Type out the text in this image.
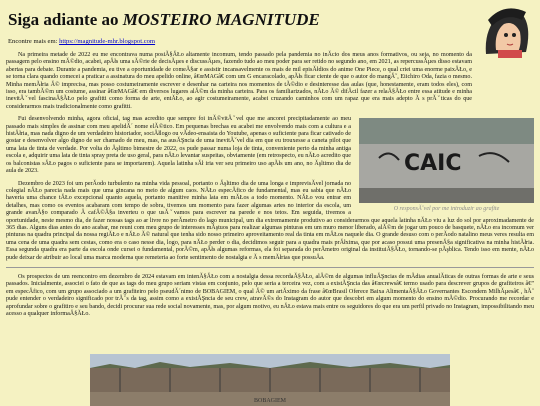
Siga adiante ao MOSTEIRO MAGNITUDE
Encontre mais em: https://magnitude-mhr.blogspot.com

Na primeira metade de 2022 eu me encontrava numa posiĂ§ĂŁo altamente incomum, tendo passado pela pandemia no inĂcio dos meus anos formativos, ou seja, no momento da passagem pelo ensino mĂ©dio, acabei, apĂłs uma sĂ©rie de decisĂµes e discussĂµes, fazendo tudo ao meu poder para ser retido no segundo ano, em 2021, as repercussĂµes disso estavam abertas para debate. Durante a pandemia, eu tive a oportunidade de comeĂ§ar e assistir incansavelmente os mais de mil episĂłdios do anime One Piece, o qual criei uma enorme paixĂŁo, e se torna clara quando comecei a praticar a assinatura do meu apelido online, â€œMAGâ€ com um G encaracolado, apĂłs ficar ciente de que o autor do mangĂˇ, Eiichiro Oda, fazia o mesmo. Minha memĂłria Ă© imprecisa, mas posso costumeiramente escrever e desenhar na carteira nos momentos de tĂ©dio e desinteresse das aulas (que, honestamente, eram todos eles), com isso, era tambĂ©m um costume, assinar â€œMAGâ€ em diversos lugares alĂ©m da minha carteira. Para os familiarizados, nĂŁo Ă© difĂcil fazer a relaĂ§ĂŁo entre essa atitude e minha inevitĂˇvel fascinaĂ§ĂŁo pelo grafitti como forma de arte, entĂŁo, ao agir costumeiramente, acabei cruzando caminhos com um rapaz que era mais adepto Ă s prĂˇticas do que considerarmos mais tradicionalmente como grafitti.

CAIC
O responsĂˇvel por me introduzir ao grafite

Fui desenvolvendo minha, agora oficial, tag mas acredito que sempre foi inĂ©vitĂˇvel que me ancorei precipitadamente ao meu passado mais simples de assinar com meu apelidĂ´ nome elĂ©tico. Em pequenas brechas eu acabei me envolvendo mais com a cultura e a histĂłria, mas nada digno de um verdadeiro historiador, sociĂłlogo ou vĂdeo-ensaista do Youtube, apenas o suficiente para ficar cativado de gostar e desenvolver algo digno de ser chamado de meu, mas, na ausĂŞncia de uma inevitĂˇvel dia em que eu trouxesse a caneta pilot que uma lata de tinta de verdade. Por volta do Ăşltimo bimestre de 2022, os pude passar numa loja de tinta, conveniente perto da minha antiga escola e, adquirir uma lata de tinta spray preta de uso geral, para nĂŁo levantar suspeitas, obviamente (em retrospecto, eu nĂŁo acredito que os balconistas sĂŁo pagos o suficiente para se importarem). Aquela latinha sĂł iria ver seu primeiro uso apĂłs um ano, no Ăşltimo dia de aula de 2023.

Dezembro de 2023 foi um perĂodo turbulento na minha vida pessoal, portanto o Ăşltimo dia de uma longa e imprevisĂvel jornada no colegial nĂŁo parecia nada mais que uma gincana no meio de algum caos. NĂŁo especĂfico de fundamental, mas eu sabia que nĂŁo haveria uma chance tĂŁo excepcional quanto aquela, portanto manitive minha lata em mĂŁos a todo momento. NĂŁo vou entrar em detalhes, mas como os eventos acabaram com tempo de sobra, tivemos um momento para fazer algumas artes no interior da escola, um grande avanĂ§o comparado Ă cafĂ©Ă§a inverteu o que usĂˇvamos para escrever na parede e nos tetos. Em seguida, tivemos a oportunidade, neste mesmo dia, de fazer nossas tags ao ar livre no perĂmetro do lago municipal, um dia extremamente produtivo ao considerarmos que aquela latinha nĂŁo viu a luz do sol por aproximadamente de 365 dias. Alguns dias antes do ano acabar, me reuni com meu grupo de interesses mĂştuos para realizar algumas pinturas em um muro menor liberado, alĂ©m de jogar um pouco de basquete, nĂŁo era incomum ver pinturas na quadra principal da nossa regiĂŁo e nĂŁo Ă© natural que tenha sido nosso primeiro aproveitamento real da tinta em mĂŁos naquele dia. O grande desuso com o perĂodo natalino meus veres resulta em uma cena de uma quadra sem cestas, como era o caso nesse dia, logo, para nĂŁo perder o dia, decidimos seguir para a quadra mais prĂłxima, que por acaso possui uma presenĂ§a significativa na minha histĂłria. Essa segunda quadra era parte da escola onde cursei o fundamental, porĂ©m, apĂłs algumas reformas, ela foi separada do perĂmetro original da instituiĂ§ĂŁo, tornando-se pĂşblica. Tendo isso em mente, nĂŁo pude deixar de atribuir ao local uma marca moderna que remeteria ao forte sentimento de nostalgia e Ă s memĂłrias que possuĂa.

Os prospectos de um reencontro em dezembro de 2024 estavam em intenĂ§ĂŁo com a nostalgia dessa recordaĂ§ĂŁo, alĂ©m de algumas influĂŞncias de mĂdias anualĂticas de outras formas de arte e seus passados. Inicialmente, associei o fato de que as tags do meu grupo seriam vistas em conjunto, pelo que seria a terceira vez, com a existĂŞncia das â€œcrewsâ€ termo usado para descrever grupos de grafiteiros â€” em especĂfico, com um grupo associado a um grafiteiro pelo pseudĂ´nimo de BOBAGIEM, o qual Ă© um artĂximo da frase â€œBrasil Oferece Baixa AlimentaĂ§ĂŁo Governantes Escondem MilhĂµesâ€ , hĂˇ pude entender o verdadeiro significado por trĂˇs da tag, assim como a existĂŞncia de seu crew, atravĂ©s do Instagram do autor que descobri em algum momento do ensino mĂ©dio. Procurando me recordar e aprofundar sobre o grafitiro e seu bando, decidi procurar sua rede social novamente, mas, por algum motivo, eu nĂŁo estava mais entre os seguidores do que era um perfil privado no Instagram, impossibilitando meu acesso a qualquer informaĂ§ĂŁo.

BOBAGIEM
